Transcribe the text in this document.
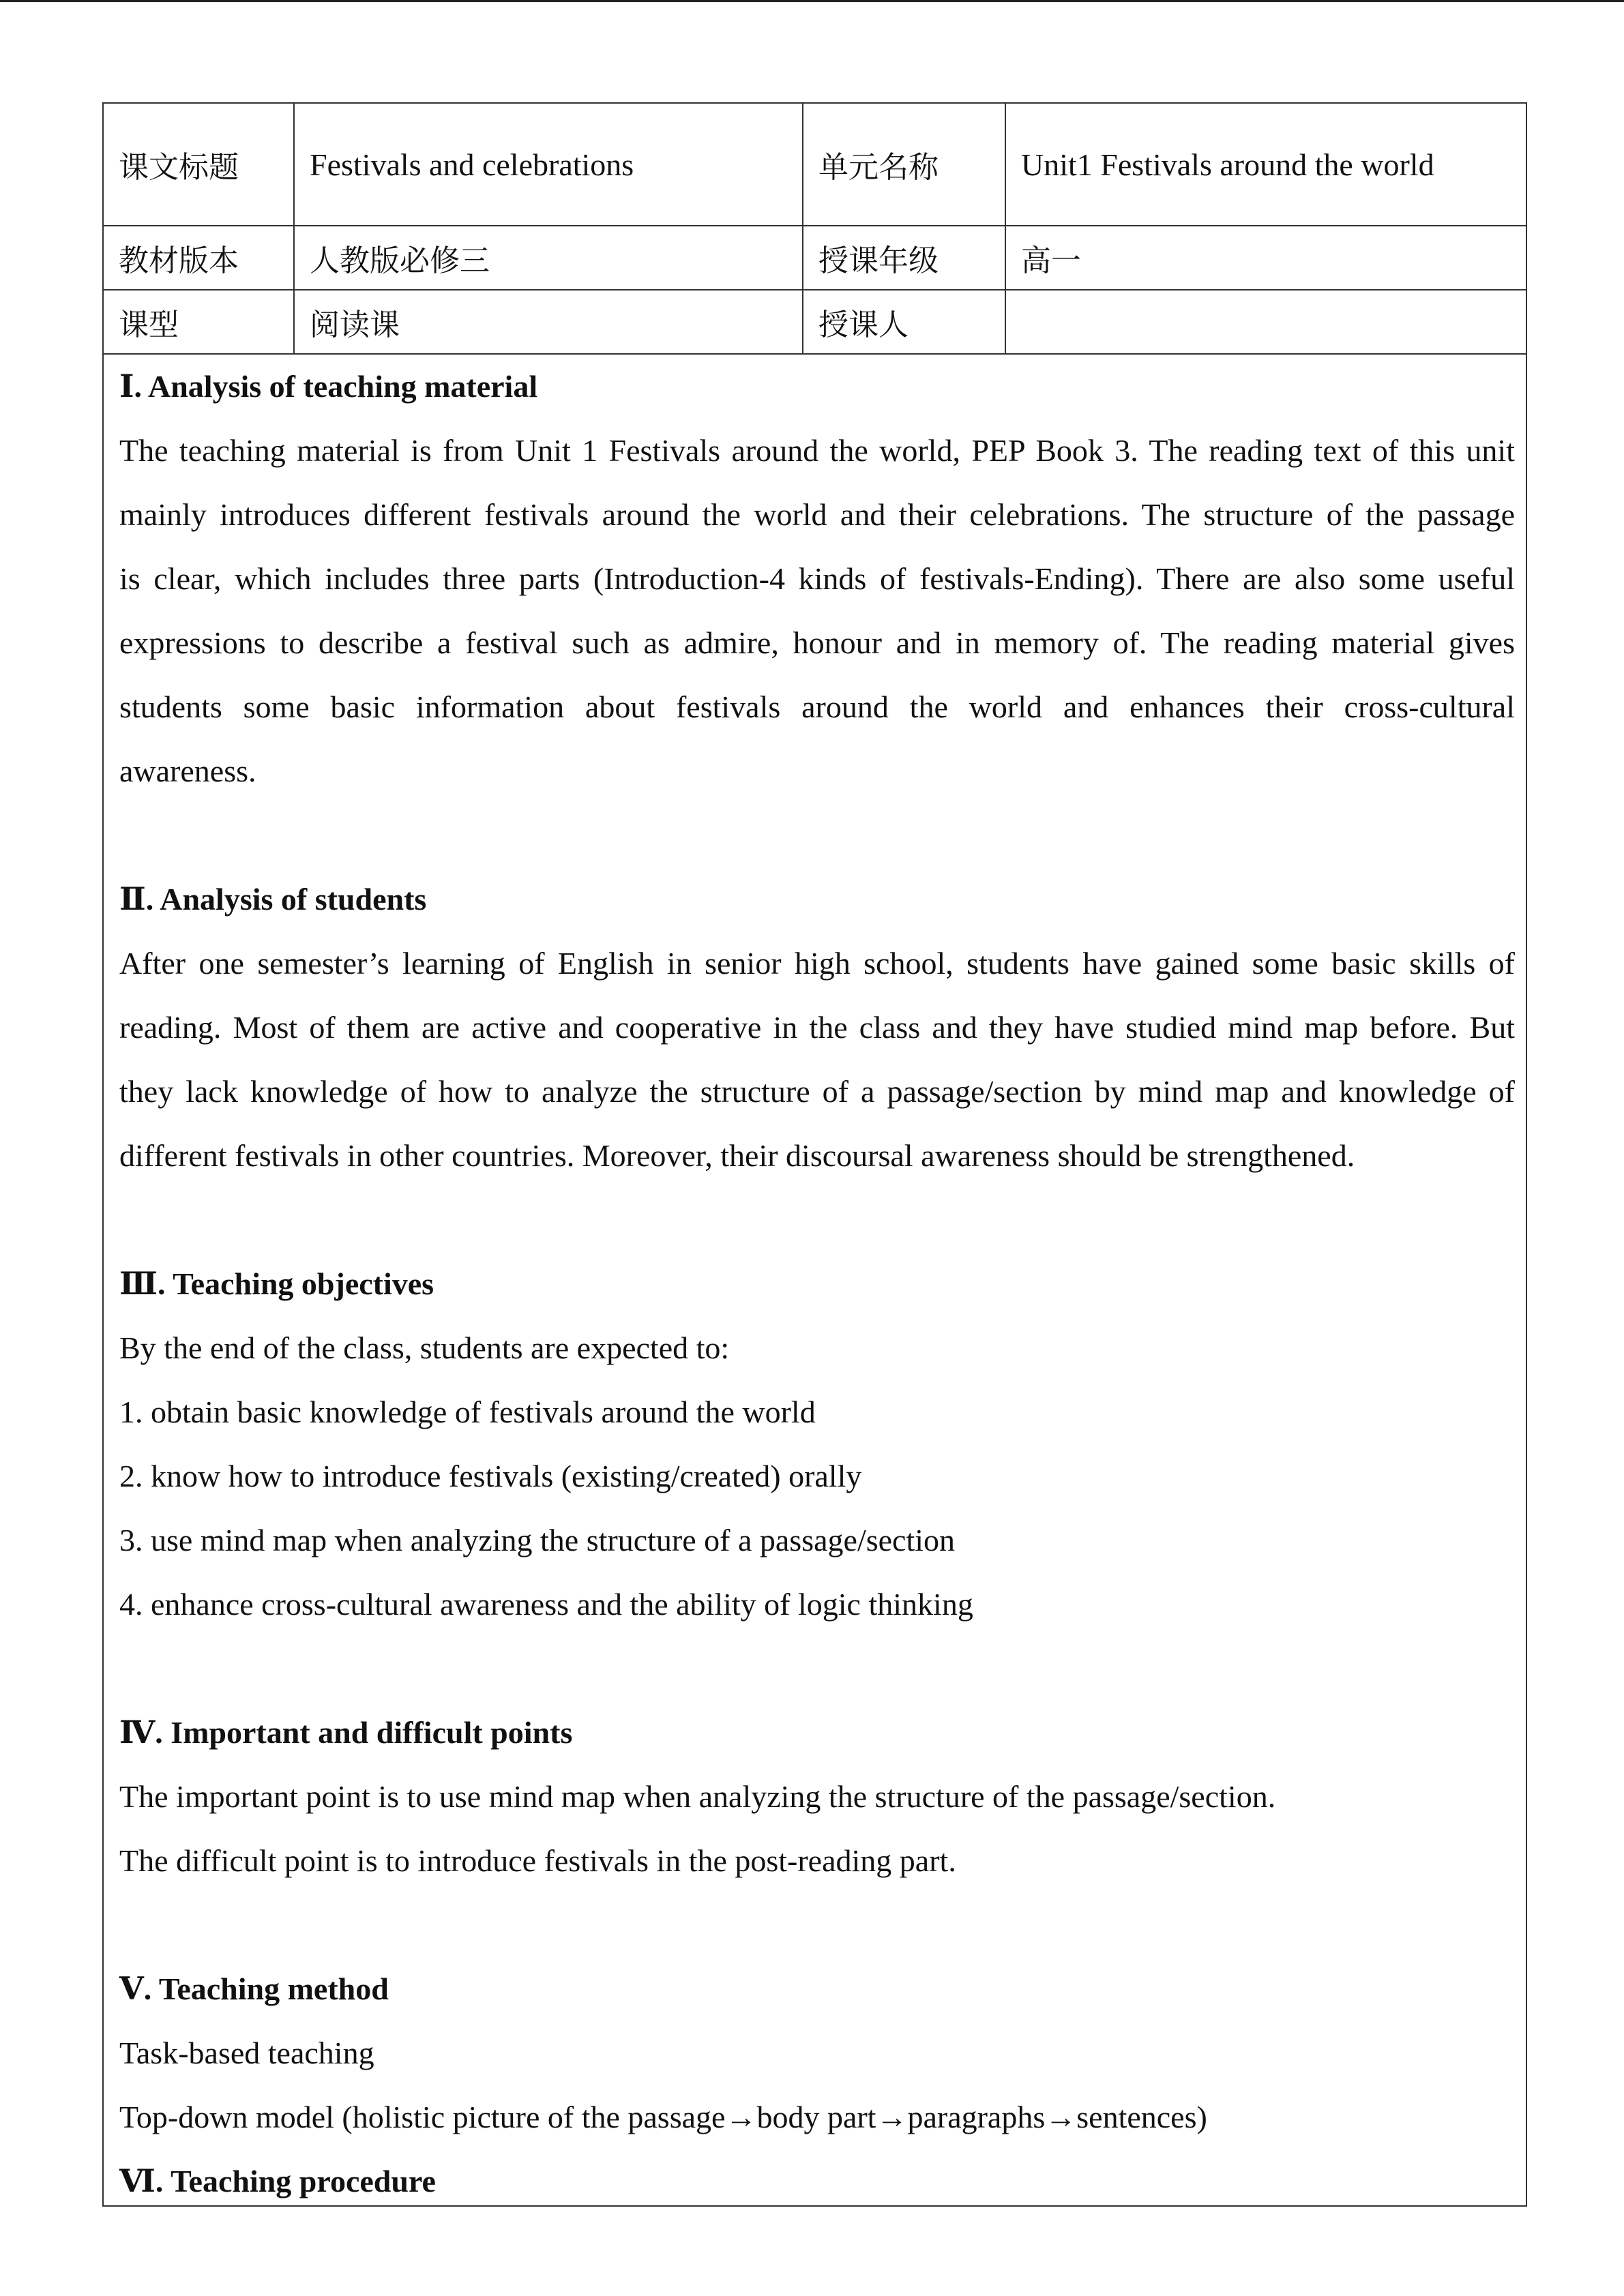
课文标题	Festivals and celebrations	单元名称	Unit1 Festivals around the world
教材版本	人教版必修三	授课年级	高一
课型	阅读课	授课人
Ⅰ. Analysis of teaching material
The teaching material is from Unit 1 Festivals around the world, PEP Book 3. The reading text of this unit
mainly introduces different festivals around the world and their celebrations. The structure of the passage
is clear, which includes three parts (Introduction-4 kinds of festivals-Ending). There are also some useful
expressions to describe a festival such as admire, honour and in memory of. The reading material gives
students some basic information about festivals around the world and enhances their cross-cultural
awareness.
Ⅱ. Analysis of students
After one semester’s learning of English in senior high school, students have gained some basic skills of
reading. Most of them are active and cooperative in the class and they have studied mind map before. But
they lack knowledge of how to analyze the structure of a passage/section by mind map and knowledge of
different festivals in other countries. Moreover, their discoursal awareness should be strengthened.
Ⅲ. Teaching objectives
By the end of the class, students are expected to:
1. obtain basic knowledge of festivals around the world
2. know how to introduce festivals (existing/created) orally
3. use mind map when analyzing the structure of a passage/section
4. enhance cross-cultural awareness and the ability of logic thinking
Ⅳ. Important and difficult points
The important point is to use mind map when analyzing the structure of the passage/section.
The difficult point is to introduce festivals in the post-reading part.
Ⅴ. Teaching method
Task-based teaching
Top-down model (holistic picture of the passage→body part→paragraphs→sentences)
Ⅵ. Teaching procedure
